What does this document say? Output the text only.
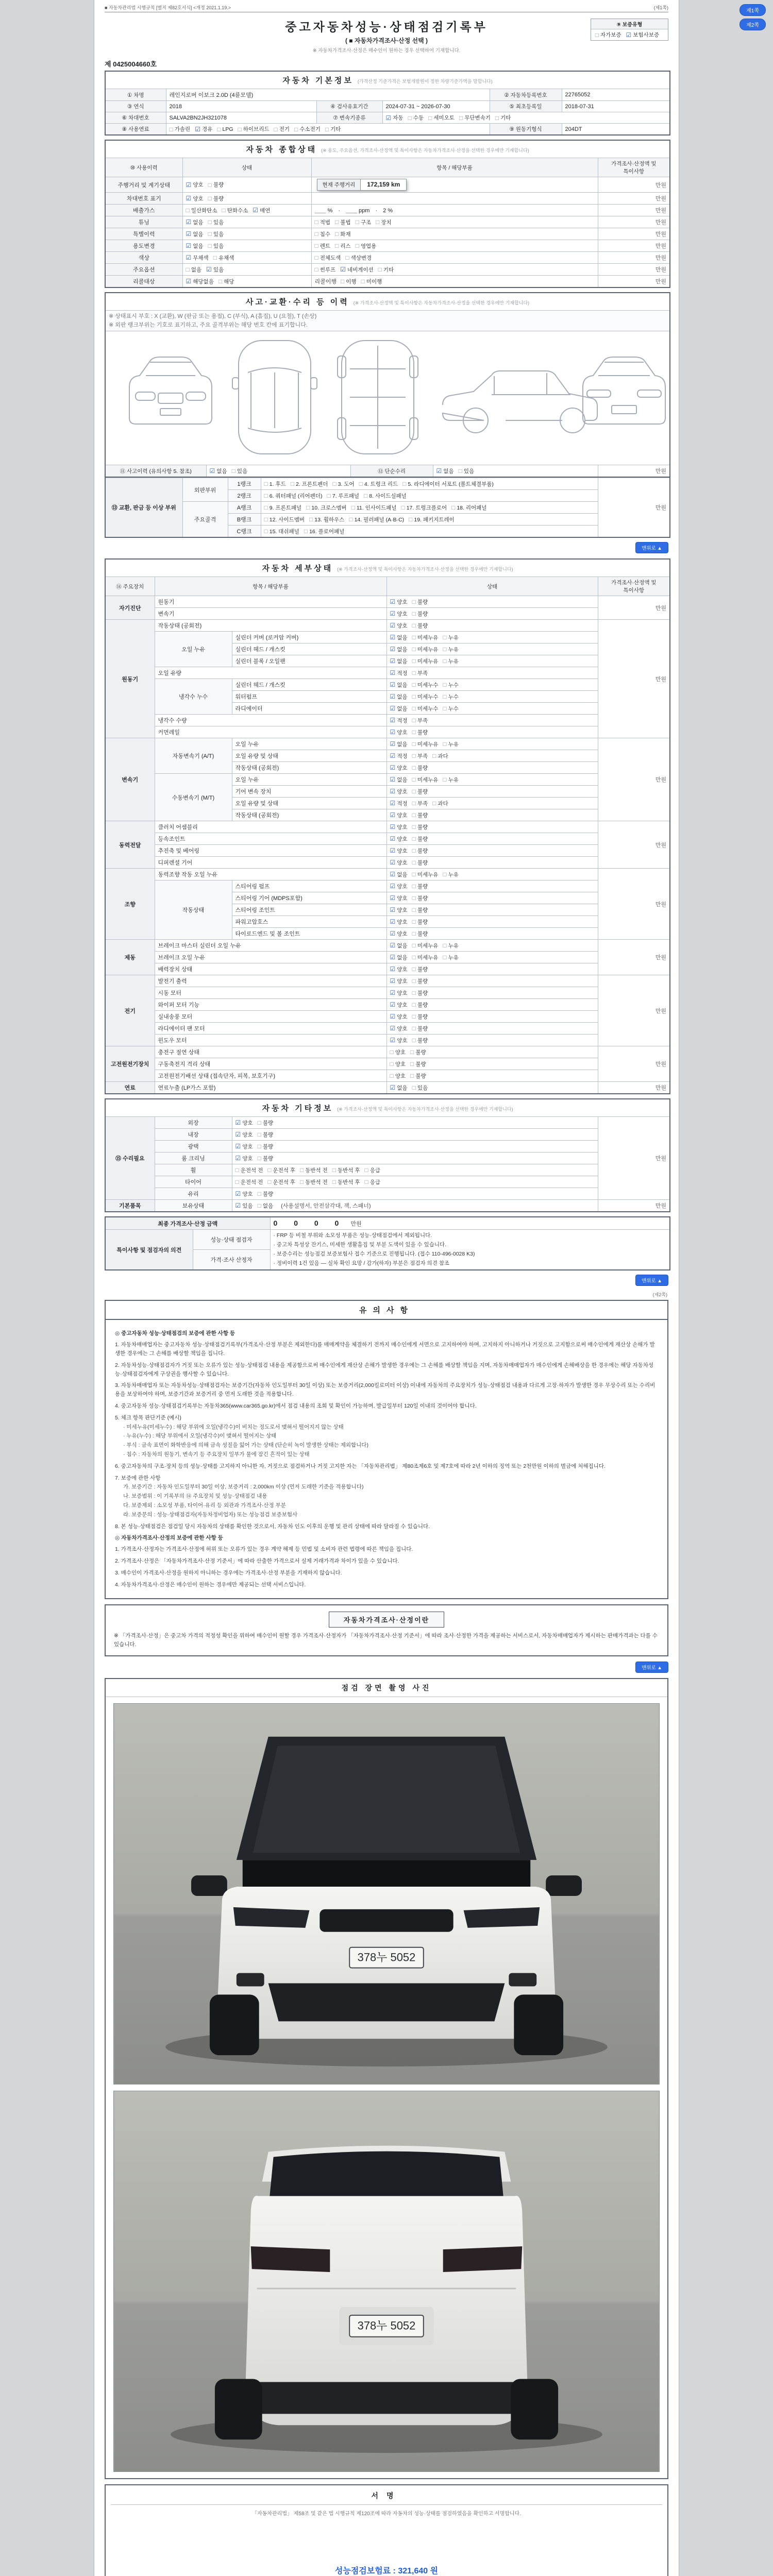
제1쪽
제2쪽
■ 자동차관리법 시행규칙 [별지 제82호서식] <개정 2021.1.19.>	(제1쪽)
중고자동차성능·상태점검기록부
( ■ 자동차가격조사·산정 선택 )
※ 자동차가격조사·산정은 매수인이 원하는 경우 선택하여 기재합니다.
⑨ 보증유형
□ 자가보증 ☑ 보험사보증
제 0425004660호
자동차 기본정보 (가격산정 기준가격은 보험개발원이 정한 차량기준가액을 말합니다)					
① 차명	레인지로버 이보크 2.0D (4륜모델)			② 자동차등록번호	22765052
③ 연식	2018	④ 검사유효기간	2024-07-31 ~ 2026-07-30	⑤ 최초등록일	2018-07-31
⑥ 차대번호	SALVA2BN2JH321078	⑦ 변속기종류	☑ 자동 □ 수동 □ 세미오토 □ 무단변속기 □ 기타

⑧ 사용연료	□ 가솔린 ☑ 경유 □ LPG □ 하이브리드 □ 전기 □ 수소전기 □ 기타	⑨ 원동기형식	204DT
자동차 종합상태 (※ 용도, 주요옵션, 가격조사·산정액 및 특이사항은 자동차가격조사·산정을 선택한 경우에만 기재합니다)			
⑩ 사용이력	상태	항목 / 해당부품	가격조사·산정액 및 특이사항
주행거리 및 계기상태	☑ 양호 □ 불량	현재 주행거리 172,159 km	만원
차대번호 표기	☑ 양호 □ 불량		만원
배출가스	□ 일산화탄소 □ 탄화수소 ☑ 매연	＿＿ %　·　＿＿ ppm　·　2 %	만원
튜닝	☑ 없음 □ 있음	□ 적법 □ 불법 □ 구조 □ 장치	만원
특별이력	☑ 없음 □ 있음	□ 침수 □ 화재	만원
용도변경	☑ 없음 □ 있음	□ 렌트 □ 리스 □ 영업용	만원
색상	☑ 무채색 □ 유채색	□ 전체도색 □ 색상변경	만원
주요옵션	□ 없음 ☑ 있음	□ 썬루프 ☑ 네비게이션 □ 기타	만원
리콜대상	☑ 해당없음 □ 해당	리콜이행 □ 이행 □ 미이행	만원
사고·교환·수리 등 이력 (※ 가격조사·산정액 및 특이사항은 자동차가격조사·산정을 선택한 경우에만 기재합니다)

※ 상태표시 부호 : X (교환), W (판금 또는 용접), C (부식), A (흠집), U (요철), T (손상)
※ 외판 랭크부위는 기호로 표기하고, 주요 골격부위는 해당 번호 칸에 표기합니다.

⑪ 사고이력 (유의사항 5. 참조)	☑ 없음 □ 있음	⑫ 단순수리	☑ 없음 □ 있음	만원
⑬ 교환, 판금 등 이상 부위	외판부위	1랭크	□ 1. 후드 □ 2. 프론트펜더 □ 3. 도어 □ 4. 트렁크 리드 □ 5. 라디에이터 서포트 (볼트체결부품)
	만원
2랭크	□ 6. 쿼터패널 (리어펜더) □ 7. 루프패널 □ 8. 사이드실패널

주요골격	A랭크	□ 9. 프론트패널 □ 10. 크로스멤버 □ 11. 인사이드패널 □ 17. 트렁크플로어 □ 18. 리어패널

B랭크	□ 12. 사이드멤버 □ 13. 휠하우스 □ 14. 필러패널 (A·B·C) □ 19. 패키지트레이

		C랭크	□ 15. 대쉬패널 □ 16. 플로어패널	
맨위로 ▲
자동차 세부상태 (※ 가격조사·산정액 및 특이사항은 자동차가격조사·산정을 선택한 경우에만 기재합니다)				
⑭ 주요장치	항목 / 해당부품		상태	가격조사·산정액 및 특이사항
자기진단	원동기		☑ 양호 □ 불량	만원
	변속기		☑ 양호 □ 불량	

원동기	작동상태 (공회전)		☑ 양호 □ 불량	만원
오일 누유	실린더 커버 (로커암 커버)	☑ 없음 □ 미세누유 □ 누유

실린더 헤드 / 개스킷	☑ 없음 □ 미세누유 □ 누유

실린더 블록 / 오일팬	☑ 없음 □ 미세누유 □ 누유

	오일 유량		☑ 적정 □ 부족	

냉각수 누수	실린더 헤드 / 개스킷	☑ 없음 □ 미세누수 □ 누수

워터펌프	☑ 없음 □ 미세누수 □ 누수

라디에이터	☑ 없음 □ 미세누수 □ 누수

	냉각수 수량		☑ 적정 □ 부족	

	커먼레일		☑ 양호 □ 불량	

변속기	자동변속기 (A/T)	오일 누유	☑ 없음 □ 미세누유 □ 누유
	만원
오일 유량 및 상태	☑ 적정 □ 부족 □ 과다

		작동상태 (공회전)	☑ 양호 □ 불량	

수동변속기 (M/T)	오일 누유	☑ 없음 □ 미세누유 □ 누유

		기어 변속 장치	☑ 양호 □ 불량	

오일 유량 및 상태	☑ 적정 □ 부족 □ 과다

		작동상태 (공회전)	☑ 양호 □ 불량	

동력전달	클러치 어셈블리		☑ 양호 □ 불량	만원
	등속조인트		☑ 양호 □ 불량	

	추진축 및 베어링		☑ 양호 □ 불량	

	디퍼렌셜 기어		☑ 양호 □ 불량	

조향	동력조향 작동 오일 누유	☑ 없음 □ 미세누유 □ 누유
	만원
	작동상태	스티어링 펌프	☑ 양호 □ 불량	

		스티어링 기어 (MDPS포함)	☑ 양호 □ 불량	

		스티어링 조인트	☑ 양호 □ 불량	

		파워고압호스	☑ 양호 □ 불량	

		타이로드엔드 및 볼 조인트	☑ 양호 □ 불량	

제동	브레이크 마스터 실린더 오일 누유	☑ 없음 □ 미세누유 □ 누유
	만원
브레이크 오일 누유	☑ 없음 □ 미세누유 □ 누유

	배력장치 상태		☑ 양호 □ 불량	

전기	발전기 출력		☑ 양호 □ 불량	만원
	시동 모터		☑ 양호 □ 불량	

	와이퍼 모터 기능		☑ 양호 □ 불량	

	실내송풍 모터		☑ 양호 □ 불량	

	라디에이터 팬 모터		☑ 양호 □ 불량	

	윈도우 모터		☑ 양호 □ 불량	

고전원전기장치	충전구 절연 상태		□ 양호 □ 불량	만원
	구동축전지 격리 상태		□ 양호 □ 불량	

	고전원전기배선 상태 (접속단자, 피복, 보호기구)		□ 양호 □ 불량	

연료	연료누출 (LP가스 포함)		☑ 없음 □ 있음	만원
자동차 기타정보 (※ 가격조사·산정액 및 특이사항은 자동차가격조사·산정을 선택한 경우에만 기재합니다)			
⑮ 수리필요	외장	☑ 양호 □ 불량	만원
	내장	☑ 양호 □ 불량	

	광택	☑ 양호 □ 불량	

	룸 크리닝	☑ 양호 □ 불량	

휠	□ 운전석 전 □ 운전석 후 □ 동반석 전 □ 동반석 후 □ 응급

타이어	□ 운전석 전 □ 운전석 후 □ 동반석 전 □ 동반석 후 □ 응급

	유리	☑ 양호 □ 불량	

기본품목	보유상태	☑ 있음 □ 없음 (사용설명서, 안전삼각대, 잭, 스패너)	만원
최종 가격조사·산정 금액		0 0 0 0 만원
특이사항 및 점검자의 의견	성능·상태 점검자	· FRP 등 비철 부위와 소모성 부품은 성능·상태점검에서 제외됩니다.
· 중고차 특성상 잔기스, 미세한 생활흠집 및 부분 도색이 있을 수 있습니다.
· 보증수리는 성능점검 보증보험사 접수 기준으로 진행됩니다. (접수 110-496-0028 K3)
· 정비이력 1건 있음 — 실차 확인 요망 / 감가(하자) 부분은 점검자 의견 참조

	가격·조사 산정자	
맨위로 ▲
(제2쪽)
유의사항
◎ 중고자동차 성능·상태점검의 보증에 관한 사항 등
1. 자동차매매업자는 중고자동차 성능·상태점검기록부(가격조사·산정 부분은 제외한다)를 매매계약을 체결하기 전까지 매수인에게 서면으로 고지하여야 하며, 고지하지 아니하거나 거짓으로 고지함으로써 매수인에게 재산상 손해가 발생한 경우에는 그 손해를 배상할 책임을 집니다.
2. 자동차성능·상태점검자가 거짓 또는 오류가 있는 성능·상태점검 내용을 제공함으로써 매수인에게 재산상 손해가 발생한 경우에는 그 손해를 배상할 책임을 지며, 자동차매매업자가 매수인에게 손해배상을 한 경우에는 해당 자동차성능·상태점검자에게 구상권을 행사할 수 있습니다.
3. 자동차매매업자 또는 자동차성능·상태점검자는 보증기간(자동차 인도일부터 30일 이상) 또는 보증거리(2,000킬로미터 이상) 이내에 자동차의 주요장치가 성능·상태점검 내용과 다르게 고장·하자가 발생한 경우 무상수리 또는 수리비용을 보상하여야 하며, 보증기간과 보증거리 중 먼저 도래한 것을 적용합니다.
4. 중고자동차 성능·상태점검기록부는 자동차365(www.car365.go.kr)에서 점검 내용의 조회 및 확인이 가능하며, 발급일부터 120일 이내의 것이어야 합니다.
5. 체크 항목 판단기준 (예시)
· 미세누유(미세누수) : 해당 부위에 오일(냉각수)이 비치는 정도로서 맺혀서 떨어지지 않는 상태
· 누유(누수) : 해당 부위에서 오일(냉각수)이 맺혀서 떨어지는 상태
· 부식 : 금속 표면이 화학반응에 의해 금속 성질을 잃어 가는 상태 (단순히 녹이 발생한 상태는 제외합니다)
· 침수 : 자동차의 원동기, 변속기 등 주요장치 일부가 물에 잠긴 흔적이 있는 상태
6. 중고자동차의 구조·장치 등의 성능·상태를 고지하지 아니한 자, 거짓으로 점검하거나 거짓 고지한 자는 「자동차관리법」 제80조제6호 및 제7호에 따라 2년 이하의 징역 또는 2천만원 이하의 벌금에 처해집니다.
7. 보증에 관한 사항
가. 보증기간 : 자동차 인도일부터 30일 이상, 보증거리 : 2,000km 이상 (먼저 도래한 기준을 적용합니다)
나. 보증범위 : 이 기록부의 ⑭ 주요장치 및 성능·상태점검 내용
다. 보증제외 : 소모성 부품, 타이어·유리 등 외관과 가격조사·산정 부분
라. 보증문의 : 성능·상태점검자(자동차정비업자) 또는 성능점검 보증보험사
8. 본 성능·상태점검은 점검일 당시 자동차의 상태를 확인한 것으로서, 자동차 인도 이후의 운행 및 관리 상태에 따라 달라질 수 있습니다.
◎ 자동차가격조사·산정의 보증에 관한 사항 등
1. 가격조사·산정자는 가격조사·산정에 허위 또는 오류가 있는 경우 계약 해제 등 민법 및 소비자 관련 법령에 따른 책임을 집니다.
2. 가격조사·산정은 「자동차가격조사·산정 기준서」에 따라 산출한 가격으로서 실제 거래가격과 차이가 있을 수 있습니다.
3. 매수인이 가격조사·산정을 원하지 아니하는 경우에는 가격조사·산정 부분을 기재하지 않습니다.
4. 자동차가격조사·산정은 매수인이 원하는 경우에만 제공되는 선택 서비스입니다.
자동차가격조사·산정이란
※ 「가격조사·산정」은 중고차 가격의 적정성 확인을 위하여 매수인이 원할 경우 가격조사·산정자가 「자동차가격조사·산정 기준서」에 따라 조사·산정한 가격을 제공하는 서비스로서, 자동차매매업자가 제시하는 판매가격과는 다를 수 있습니다.
맨위로 ▲
점검 장면 촬영 사진
378누 5052
378누 5052
서명
「자동차관리법」 제58조 및 같은 법 시행규칙 제120조에 따라 자동차의 성능·상태를 점검하였음을 확인하고 서명합니다.
성능점검보험료 : 321,640 원
